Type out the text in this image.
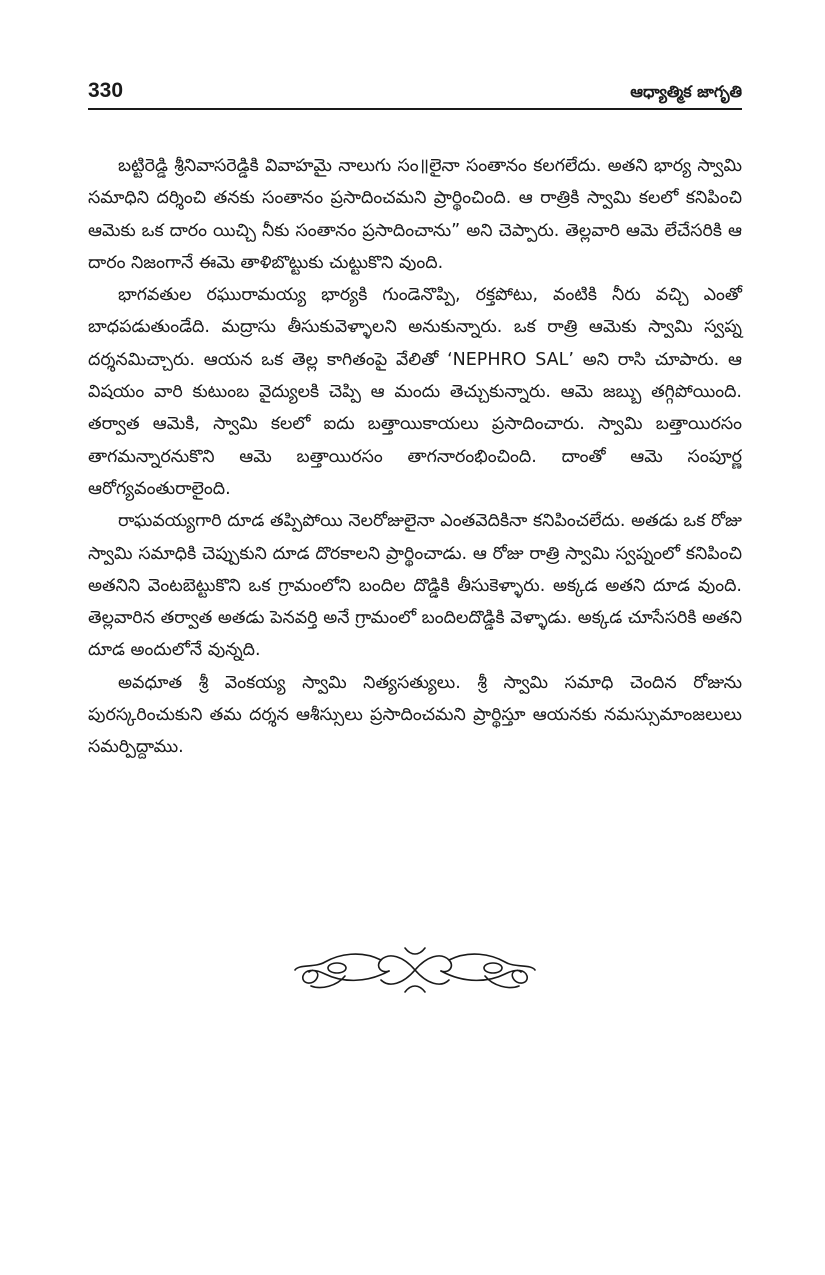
330	ఆధ్యాత్మిక జాగృతి

బట్టిరెడ్డి శ్రీనివాసరెడ్డికి వివాహమై నాలుగు సం॥లైనా సంతానం కలగలేదు. అతని భార్య స్వామి సమాధిని దర్శించి తనకు సంతానం ప్రసాదించమని ప్రార్థించింది. ఆ రాత్రికి స్వామి కలలో కనిపించి ఆమెకు ఒక దారం యిచ్చి నీకు సంతానం ప్రసాదించాను” అని చెప్పారు. తెల్లవారి ఆమె లేచేసరికి ఆ దారం నిజంగానే ఈమె తాళిబొట్టుకు చుట్టుకొని వుంది.

భాగవతుల రఘురామయ్య భార్యకి గుండెనొప్పి, రక్తపోటు, వంటికి నీరు వచ్చి ఎంతో బాధపడుతుండేది. మద్రాసు తీసుకువెళ్ళాలని అనుకున్నారు. ఒక రాత్రి ఆమెకు స్వామి స్వప్న దర్శనమిచ్చారు. ఆయన ఒక తెల్ల కాగితంపై వేలితో ‘NEPHRO SAL’ అని రాసి చూపారు. ఆ విషయం వారి కుటుంబ వైద్యులకి చెప్పి ఆ మందు తెచ్చుకున్నారు. ఆమె జబ్బు తగ్గిపోయింది. తర్వాత ఆమెకి, స్వామి కలలో ఐదు బత్తాయికాయలు ప్రసాదించారు. స్వామి బత్తాయిరసం తాగమన్నారనుకొని ఆమె బత్తాయిరసం తాగనారంభించింది. దాంతో ఆమె సంపూర్ణ ఆరోగ్యవంతురాలైంది.

రాఘవయ్యగారి దూడ తప్పిపోయి నెలరోజులైనా ఎంతవెదికినా కనిపించలేదు. అతడు ఒక రోజు స్వామి సమాధికి చెప్పుకుని దూడ దొరకాలని ప్రార్థించాడు. ఆ రోజు రాత్రి స్వామి స్వప్నంలో కనిపించి అతనిని వెంటబెట్టుకొని ఒక గ్రామంలోని బందిల దొడ్డికి తీసుకెళ్ళారు. అక్కడ అతని దూడ వుంది. తెల్లవారిన తర్వాత అతడు పెనవర్తి అనే గ్రామంలో బందిలదొడ్డికి వెళ్ళాడు. అక్కడ చూసేసరికి అతని దూడ అందులోనే వున్నది.

అవధూత శ్రీ వెంకయ్య స్వామి నిత్యసత్యులు. శ్రీ స్వామి సమాధి చెందిన రోజును పురస్కరించుకుని తమ దర్శన ఆశీస్సులు ప్రసాదించమని ప్రార్థిస్తూ ఆయనకు నమస్సుమాంజలులు సమర్పిద్దాము.
